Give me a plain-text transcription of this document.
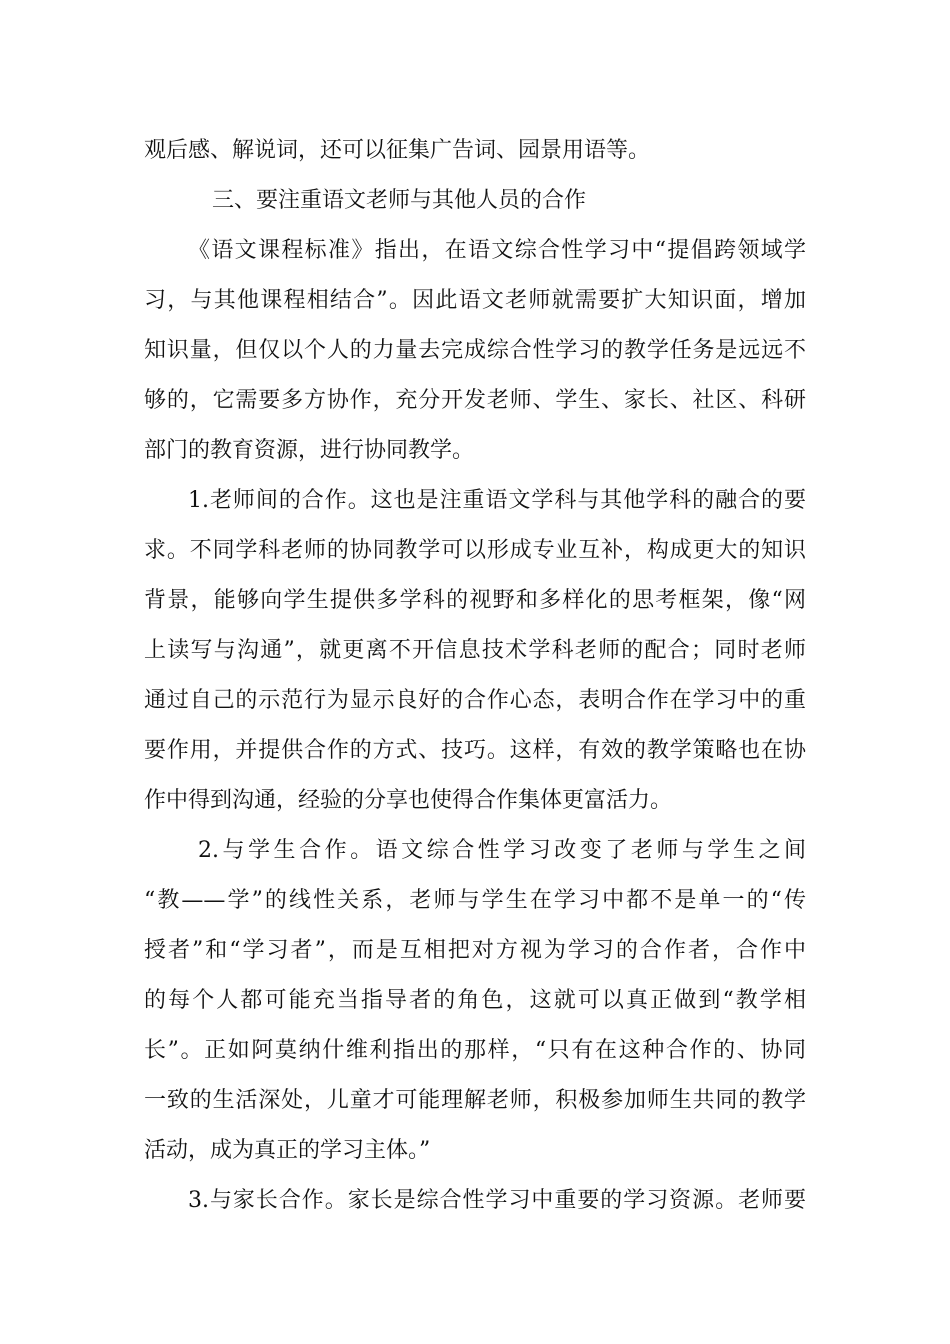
观后感、解说词，还可以征集广告词、园景用语等。
三、要注重语文老师与其他人员的合作
《语文课程标准》指出，在语文综合性学习中“提倡跨领域学
习，与其他课程相结合”。因此语文老师就需要扩大知识面，增加
知识量，但仅以个人的力量去完成综合性学习的教学任务是远远不
够的，它需要多方协作，充分开发老师、学生、家长、社区、科研
部门的教育资源，进行协同教学。
1.老师间的合作。这也是注重语文学科与其他学科的融合的要
求。不同学科老师的协同教学可以形成专业互补，构成更大的知识
背景，能够向学生提供多学科的视野和多样化的思考框架，像“网
上读写与沟通”，就更离不开信息技术学科老师的配合；同时老师
通过自己的示范行为显示良好的合作心态，表明合作在学习中的重
要作用，并提供合作的方式、技巧。这样，有效的教学策略也在协
作中得到沟通，经验的分享也使得合作集体更富活力。
2.与学生合作。语文综合性学习改变了老师与学生之间
“教——学”的线性关系，老师与学生在学习中都不是单一的“传
授者”和“学习者”，而是互相把对方视为学习的合作者，合作中
的每个人都可能充当指导者的角色，这就可以真正做到“教学相
长”。正如阿莫纳什维利指出的那样，“只有在这种合作的、协同
一致的生活深处，儿童才可能理解老师，积极参加师生共同的教学
活动，成为真正的学习主体。”
3.与家长合作。家长是综合性学习中重要的学习资源。老师要
